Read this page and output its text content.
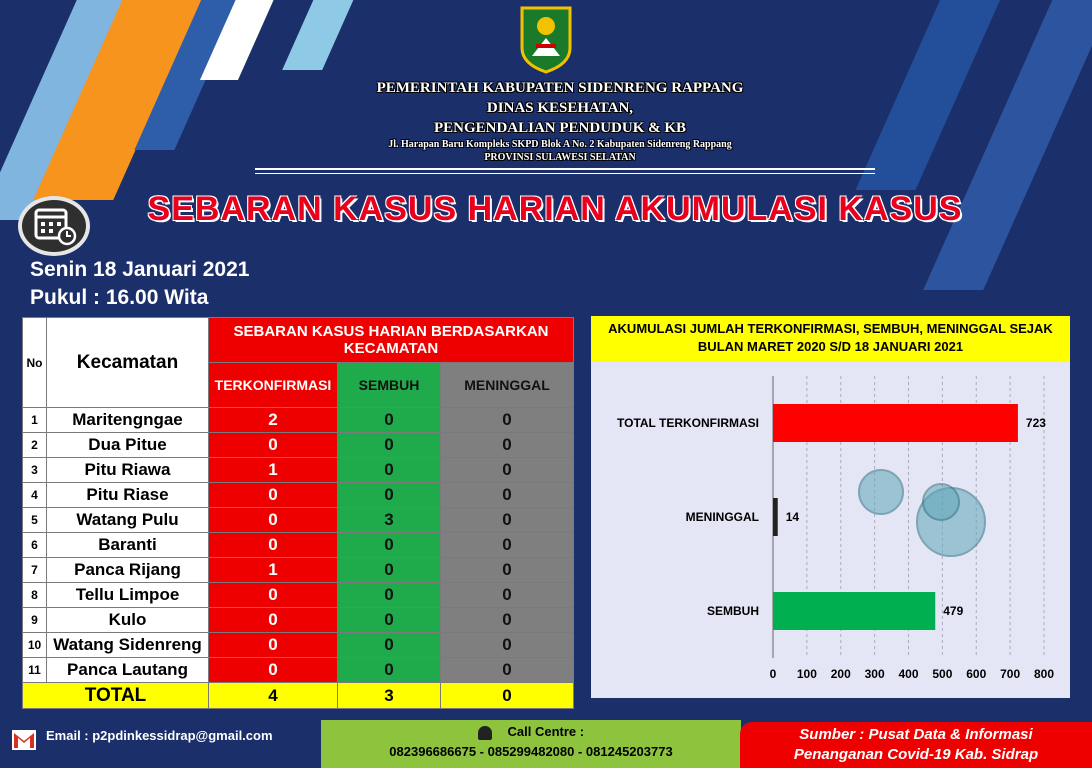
PEMERINTAH KABUPATEN SIDENRENG RAPPANG
DINAS KESEHATAN,
PENGENDALIAN PENDUDUK & KB
Jl. Harapan Baru Kompleks SKPD Blok A No. 2 Kabupaten Sidenreng Rappang
PROVINSI SULAWESI SELATAN
SEBARAN KASUS HARIAN AKUMULASI KASUS
Senin 18 Januari 2021
Pukul : 16.00 Wita
No	Kecamatan	SEBARAN KASUS HARIAN BERDASARKAN KECAMATAN		
		TERKONFIRMASI	SEMBUH	MENINGGAL
1	Maritengngae	2	0	0
2	Dua Pitue	0	0	0
3	Pitu Riawa	1	0	0
4	Pitu Riase	0	0	0
5	Watang Pulu	0	3	0
6	Baranti	0	0	0
7	Panca Rijang	1	0	0
8	Tellu Limpoe	0	0	0
9	Kulo	0	0	0
10	Watang Sidenreng	0	0	0
11	Panca Lautang	0	0	0
TOTAL		4	3	0
AKUMULASI JUMLAH TERKONFIRMASI, SEMBUH, MENINGGAL SEJAK BULAN MARET 2020 S/D 18 JANUARI 2021
0 100 200 300 400 500 600 700 800
TOTAL TERKONFIRMASI	723
MENINGGAL 14
SEMBUH	479
Email : p2pdinkessidrap@gmail.com	Call Centre :
082396686675 - 085299482080 - 081245203773
Sumber : Pusat Data & Informasi
Penanganan Covid-19 Kab. Sidrap
